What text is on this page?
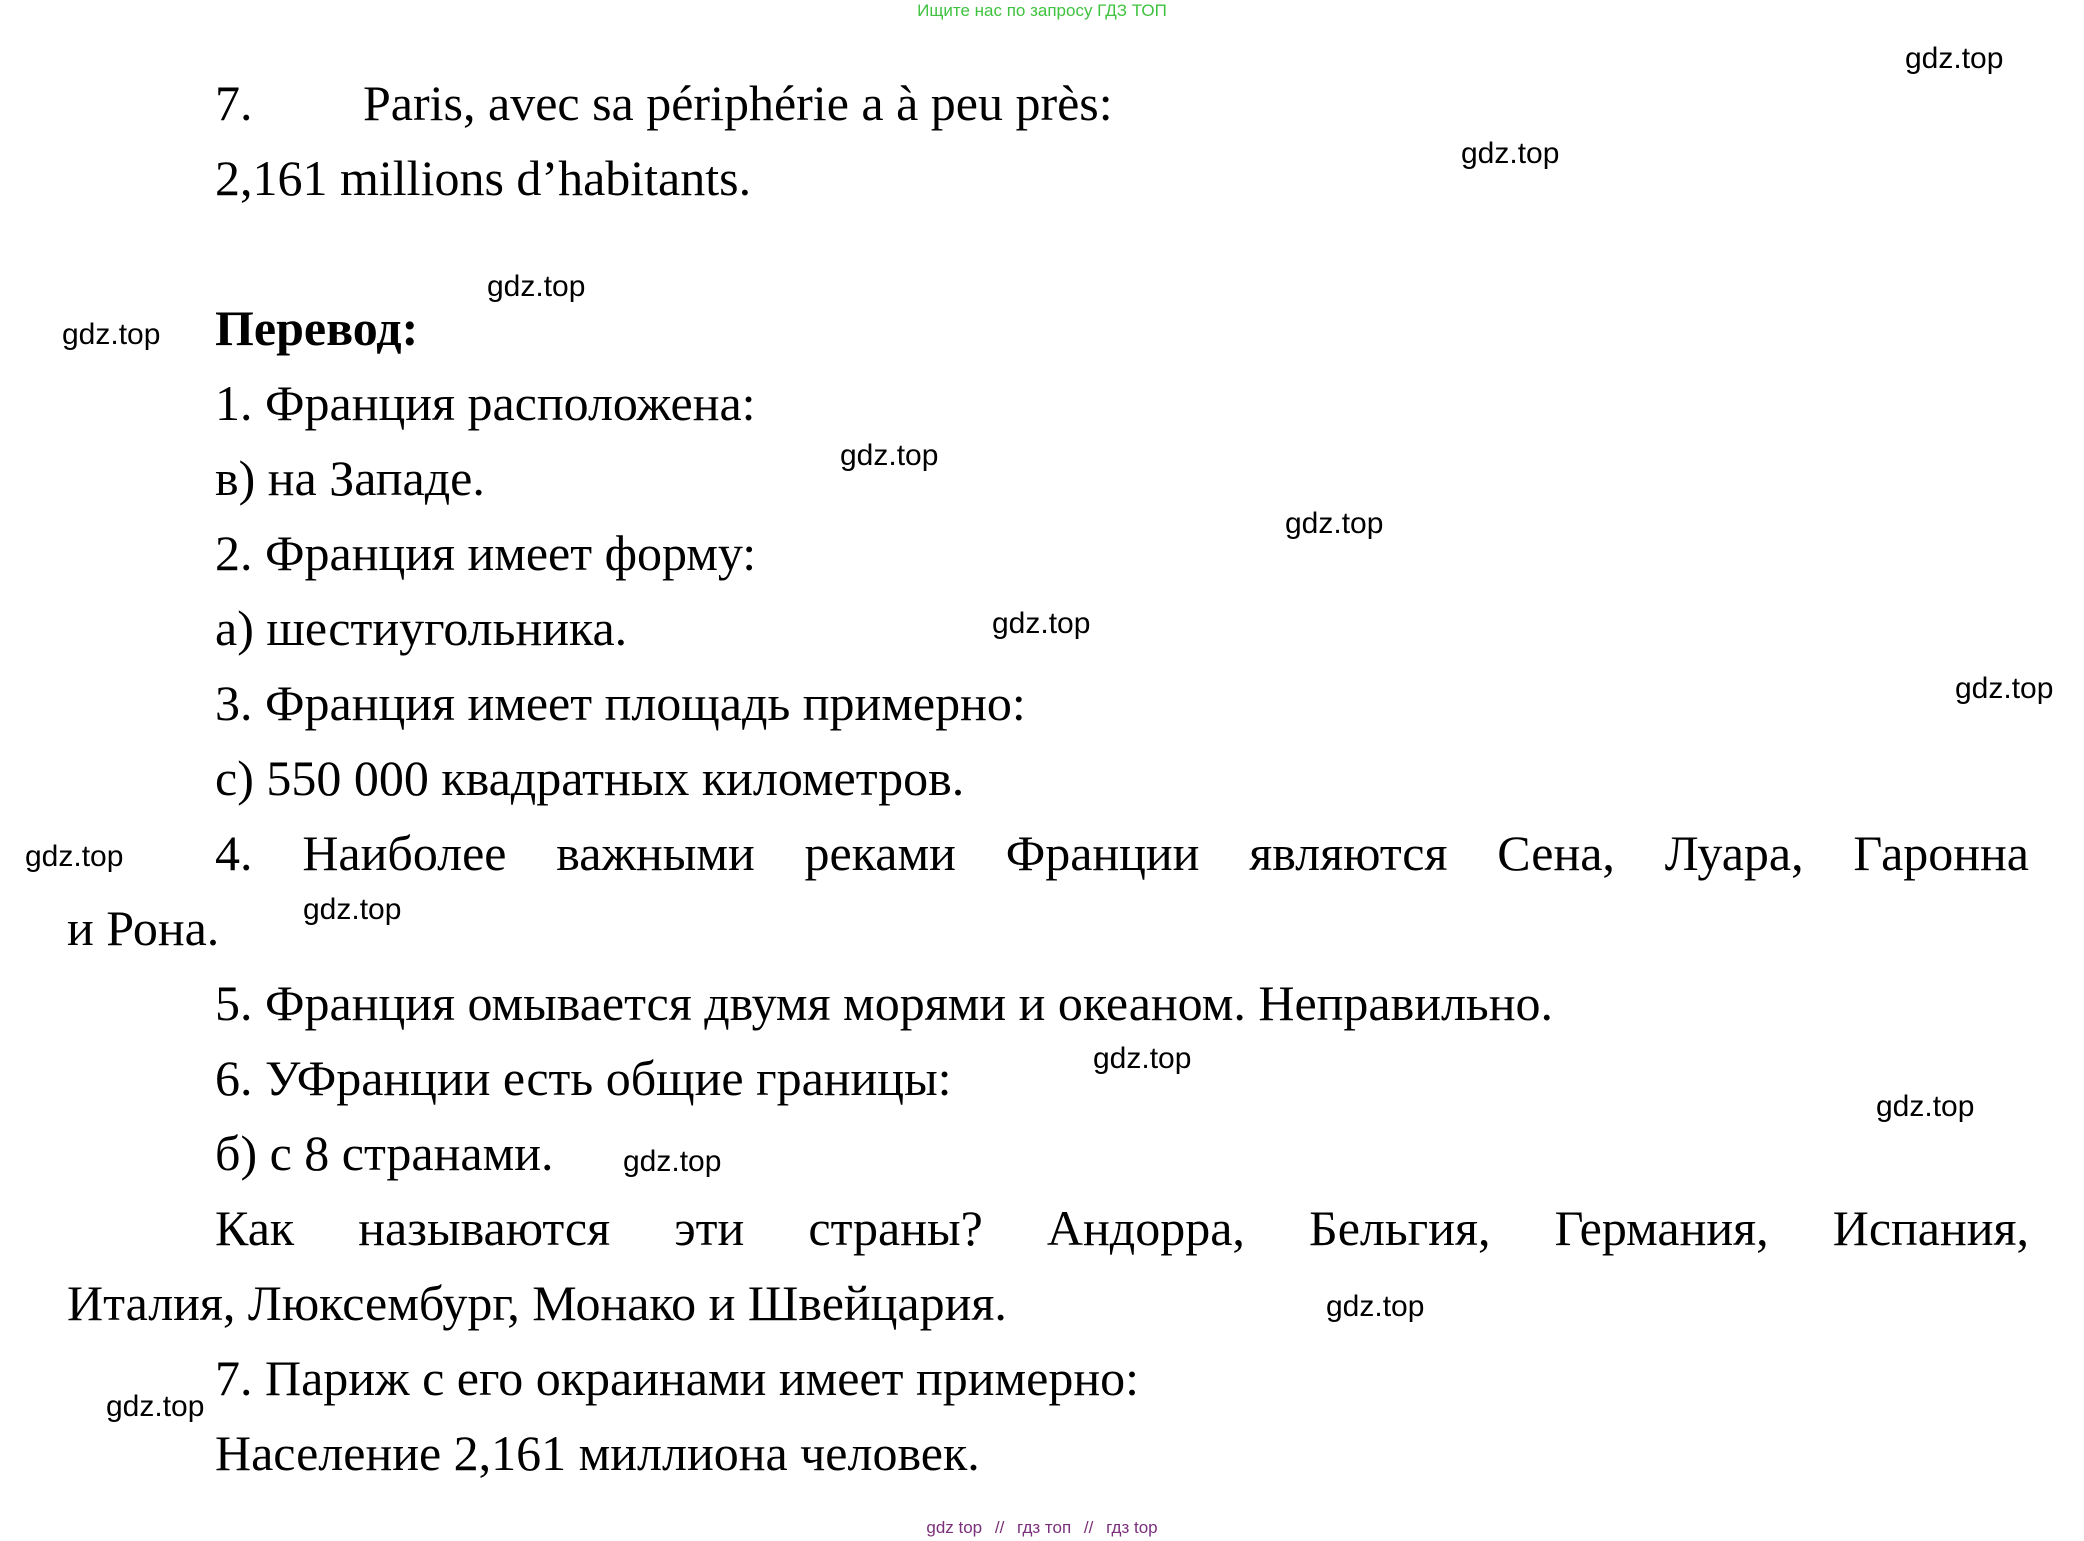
Ищите нас по запросу ГДЗ ТОП
7. Paris, avec sa périphérie a à peu près:
2,161 millions d’habitants.
Перевод:
1. Франция расположена:
в) на Западе.
2. Франция имеет форму:
а) шестиугольника.
3. Франция имеет площадь примерно:
с) 550 000 квадратных километров.
4. Наиболее важными реками Франции являются Сена, Луара, Гаронна
и Рона.
5. Франция омывается двумя морями и океаном. Неправильно.
6. УФранции есть общие границы:
б) с 8 странами.
Как называются эти страны? Андорра, Бельгия, Германия, Испания,
Италия, Люксембург, Монако и Швейцария.
7. Париж с его окраинами имеет примерно:
Население 2,161 миллиона человек.
gdz.top
gdz.top
gdz.top
gdz.top
gdz.top
gdz.top
gdz.top
gdz.top
gdz.top
gdz.top
gdz.top
gdz.top
gdz.top
gdz.top
gdz.top
gdz top // гдз топ // гдз top
